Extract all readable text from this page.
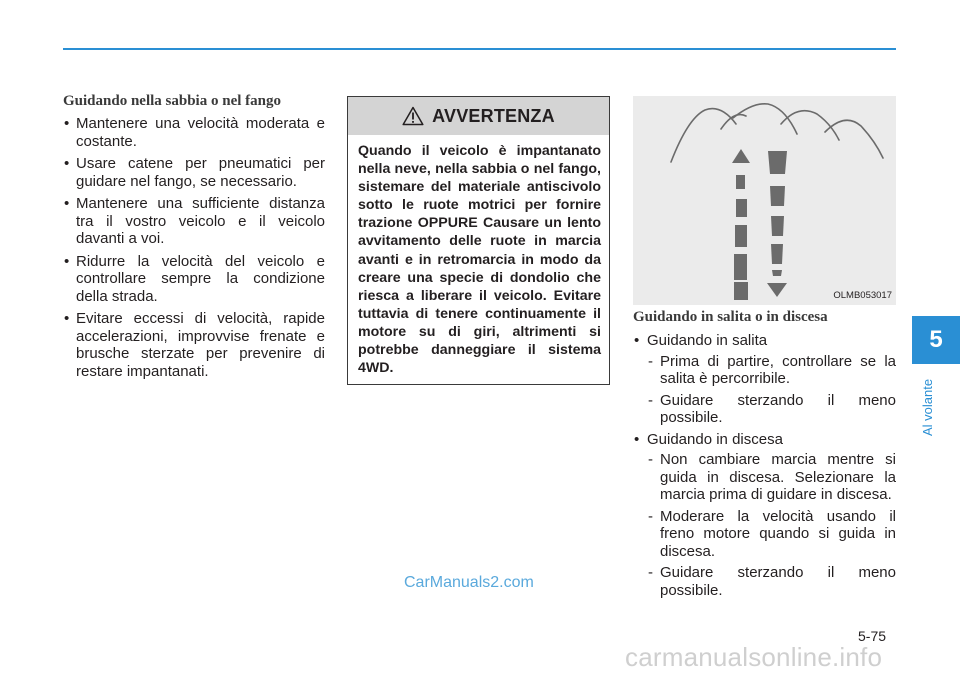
Guidando nella sabbia o nel fango
• Mantenere una velocità moderata e costante.
• Usare catene per pneumatici per guidare nel fango, se necessario.
• Mantenere una sufficiente distanza tra il vostro veicolo e il veicolo davanti a voi.
• Ridurre la velocità del veicolo e controllare sempre la condizione della strada.
• Evitare eccessi di velocità, rapide accelerazioni, improvvise frenate e brusche sterzate per prevenire di restare impantanati.
AVVERTENZA

Quando il veicolo è impantanato nella neve, nella sabbia o nel fango, sistemare del materiale antiscivolo sotto le ruote motrici per fornire trazione OPPURE Causare un lento avvitamento delle ruote in marcia avanti e in retromarcia in modo da creare una specie di dondolio che riesca a liberare il veicolo. Evitare tuttavia di tenere continuamente il motore su di giri, altrimenti si potrebbe danneggiare il sistema 4WD.

OLMB053017
Guidando in salita o in discesa
• Guidando in salita
- Prima di partire, controllare se la salita è percorribile.
- Guidare sterzando il meno possibile.
• Guidando in discesa
- Non cambiare marcia mentre si guida in discesa. Selezionare la marcia prima di guidare in discesa.
- Moderare la velocità usando il freno motore quando si guida in discesa.
- Guidare sterzando il meno possibile.
5
Al volante
5-75
CarManuals2.com
carmanualsonline.info
